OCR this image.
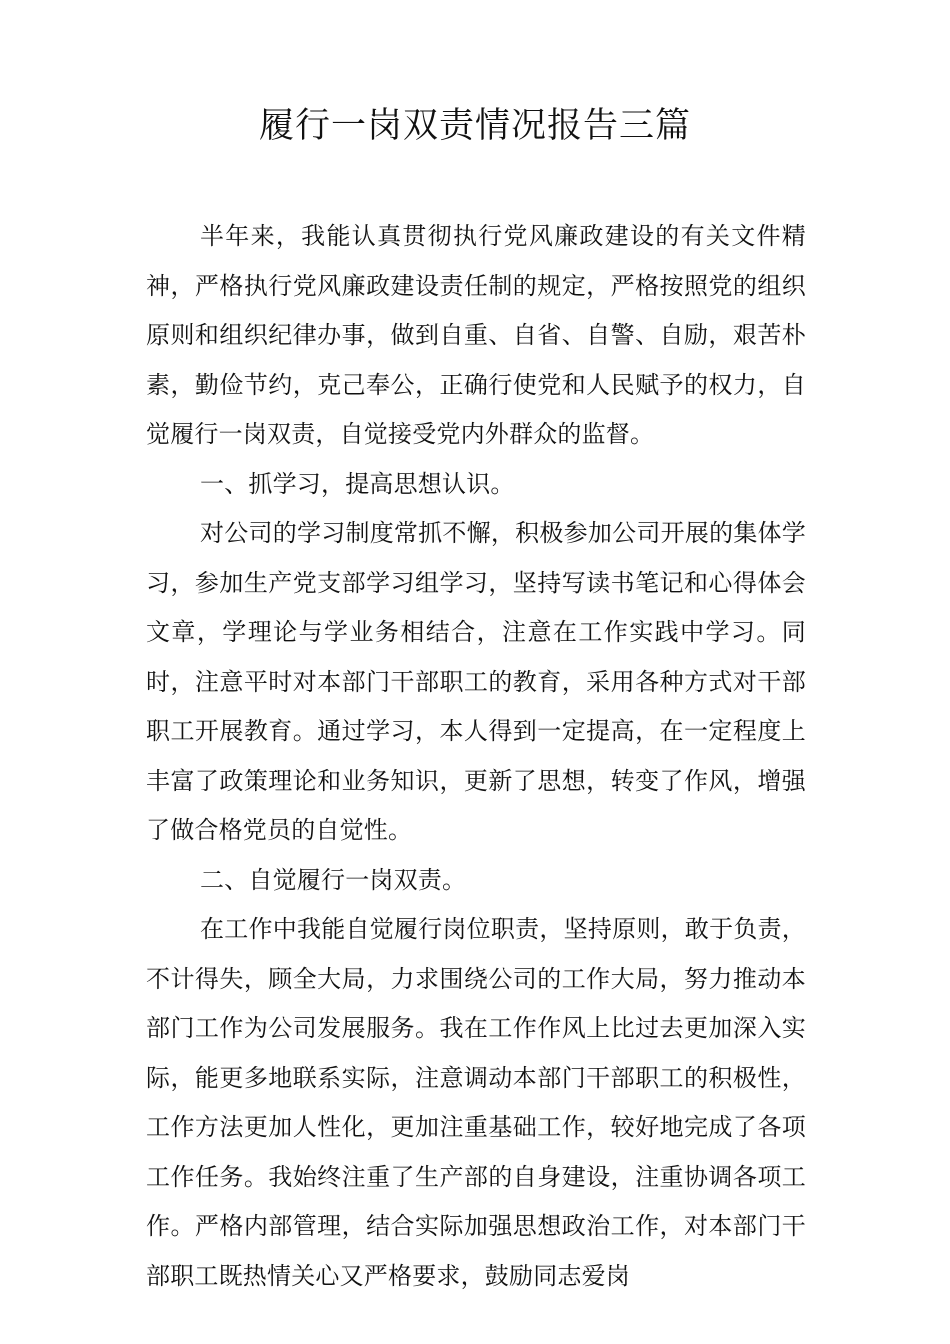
履行一岗双责情况报告三篇

半年来，我能认真贯彻执行党风廉政建设的有关文件精神，严格执行党风廉政建设责任制的规定，严格按照党的组织原则和组织纪律办事，做到自重、自省、自警、自励，艰苦朴素，勤俭节约，克己奉公，正确行使党和人民赋予的权力，自觉履行一岗双责，自觉接受党内外群众的监督。

一、抓学习，提高思想认识。

对公司的学习制度常抓不懈，积极参加公司开展的集体学习，参加生产党支部学习组学习，坚持写读书笔记和心得体会文章，学理论与学业务相结合，注意在工作实践中学习。同时，注意平时对本部门干部职工的教育，采用各种方式对干部职工开展教育。通过学习，本人得到一定提高，在一定程度上丰富了政策理论和业务知识，更新了思想，转变了作风，增强了做合格党员的自觉性。

二、自觉履行一岗双责。

在工作中我能自觉履行岗位职责，坚持原则，敢于负责，不计得失，顾全大局，力求围绕公司的工作大局，努力推动本部门工作为公司发展服务。我在工作作风上比过去更加深入实际，能更多地联系实际，注意调动本部门干部职工的积极性，工作方法更加人性化，更加注重基础工作，较好地完成了各项工作任务。我始终注重了生产部的自身建设，注重协调各项工作。严格内部管理，结合实际加强思想政治工作，对本部门干部职工既热情关心又严格要求，鼓励同志爱岗
